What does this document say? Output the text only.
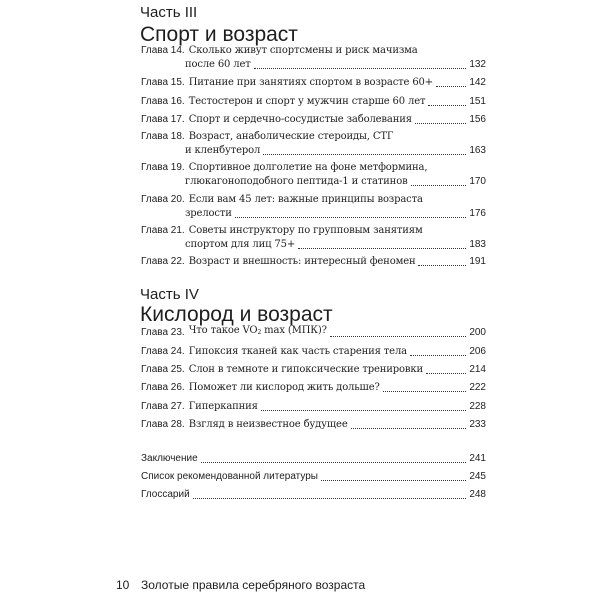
Часть III
Спорт и возраст
Глава 14. Сколько живут спортсмены и риск мачизма
после 60 лет	132
Глава 15. Питание при занятиях спортом в возрасте 60+	142
Глава 16. Тестостерон и спорт у мужчин старше 60 лет	151
Глава 17. Спорт и сердечно-сосудистые заболевания	156
Глава 18. Возраст, анаболические стероиды, СТГ
и кленбутерол	163
Глава 19. Спортивное долголетие на фоне метформина,
глюкагоноподобного пептида-1 и статинов	170
Глава 20. Если вам 45 лет: важные принципы возраста
зрелости	176
Глава 21. Советы инструктору по групповым занятиям
спортом для лиц 75+	183
Глава 22. Возраст и внешность: интересный феномен	191
Часть IV
Кислород и возраст
Глава 23. Что такое $VO_2$ max (МПК)?	200
Глава 24. Гипоксия тканей как часть старения тела	206
Глава 25. Слон в темноте и гипоксические тренировки	214
Глава 26. Поможет ли кислород жить дольше?	222
Глава 27. Гиперкапния	228
Глава 28. Взгляд в неизвестное будущее	233
Заключение	241
Список рекомендованной литературы	245
Глоссарий	248
10 Золотые правила серебряного возраста
